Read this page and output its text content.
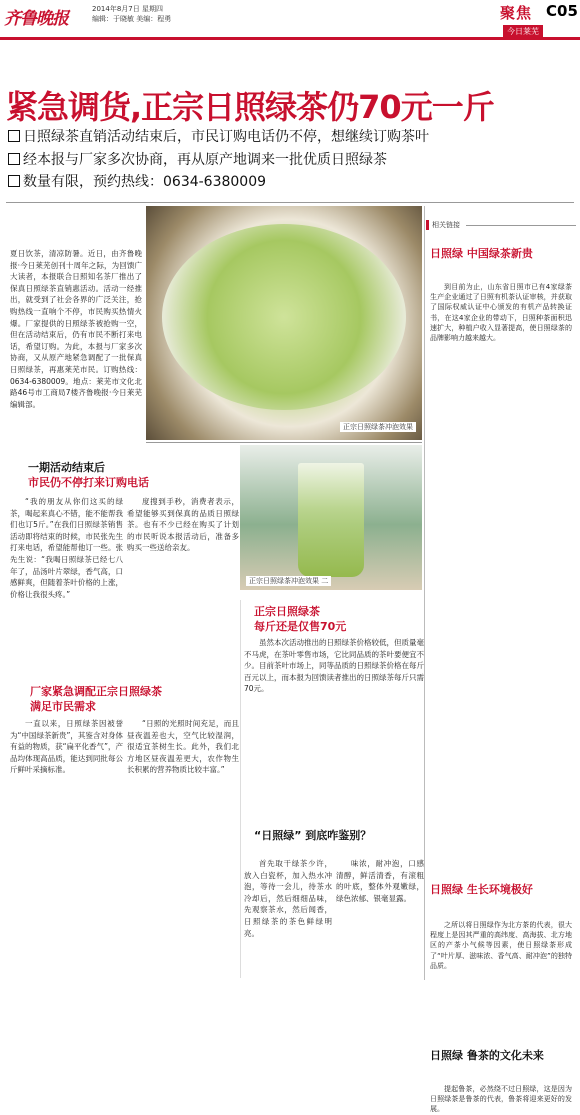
齐鲁晚报	2014年8月7日 星期四
编辑：于晓敏 美编：程勇	聚焦 C05
今日莱芜
紧急调货,正宗日照绿茶仍70元一斤
日照绿茶直销活动结束后，市民订购电话仍不停，想继续订购茶叶
经本报与厂家多次协商，再从原产地调来一批优质日照绿茶
数量有限，预约热线：0634-6380009
夏日饮茶，清凉防暑。近日，由齐鲁晚报·今日莱芜创刊十周年之际，为回馈广大读者，本报联合日照知名茶厂推出了保真日照绿茶直销惠活动。活动一经推出，就受到了社会各界的广泛关注，抢购热线一直响个不停，市民购买热情火爆。厂家提供的日照绿茶被抢购一空，但在活动结束后，仍有市民不断打来电话，希望订购。为此，本报与厂家多次协商，又从原产地紧急调配了一批保真日照绿茶，再惠莱芜市民。订购热线：0634-6380009。地点：莱芜市文化北路46号市工商局7楼齐鲁晚报·今日莱芜编辑部。
正宗日照绿茶冲泡效果
正宗日照绿茶冲泡效果 二
一期活动结束后
市民仍不停打来订购电话
“我的朋友从你们这买的绿茶，喝起来真心不错，能不能帮我们也订5斤。”在我们日照绿茶销售活动即将结束的时候，市民张先生打来电话，希望能帮他订一些。张先生说：“我喝日照绿茶已经七八年了，品汤叶片翠绿，香气高，口感鲜爽，但随着茶叶价格的上涨，价格让我很头疼。”
度搜到手秒，消费者表示，希望能够买到保真的品质日照绿茶。也有不少已经在购买了计划的市民听说本报活动后，准备多购买一些送给亲友。
厂家紧急调配正宗日照绿茶
满足市民需求
一直以来，日照绿茶因被誉为“中国绿茶新贵”，其鉴含对身体有益的物质，获“扁平化香气”，产品均体现高品质，能达到同批每公斤鲜叶采摘标准。
“日照的光照时间充足，而且昼夜温差也大，空气比较湿润，很适宜茶树生长。此外，我们北方地区昼夜温差更大，农作物生长积累的营养物质比较丰富。”
正宗日照绿茶
每斤还是仅售70元
虽然本次活动推出的日照绿茶价格较低，但质量毫不马虎，在茶叶零售市场，它比同品质的茶叶要便宜不少。目前茶叶市场上，同等品质的日照绿茶价格在每斤百元以上，而本报为回馈读者推出的日照绿茶每斤只需70元。
“日照绿” 到底咋鉴别？
首先取干绿茶少许，放入白瓷杯，加入热水冲泡，等待一会儿，待茶水冷却后，然后细细品味，先观察茶水，然后闻香，日照绿茶的茶色鲜绿明亮。
味浓，耐冲泡，口感清醇，鲜活清香，有滚粗的叶底，整体外观嫩绿，绿色浓郁、银毫显露。
相关链接
日照绿 中国绿茶新贵
到目前为止，山东省日照市已有4家绿茶生产企业通过了日照有机茶认证审核，并获取了国际权威认证中心颁发的有机产品转换证书，在这4家企业的带动下，日照种茶面积迅速扩大，种植户收入显著提高，使日照绿茶的品牌影响力越来越大。
日照绿 生长环境极好
之所以将日照绿作为北方茶的代表，很大程度上是因其严重的高纬度、高海拔、北方地区的产茶小气候等因素，使日照绿茶形成了“叶片厚、滋味浓、香气高、耐冲泡”的独特品质。
日照绿 鲁茶的文化未来
提起鲁茶，必然绕不过日照绿，这是因为日照绿茶是鲁茶的代表，鲁茶将迎来更好的发展。
